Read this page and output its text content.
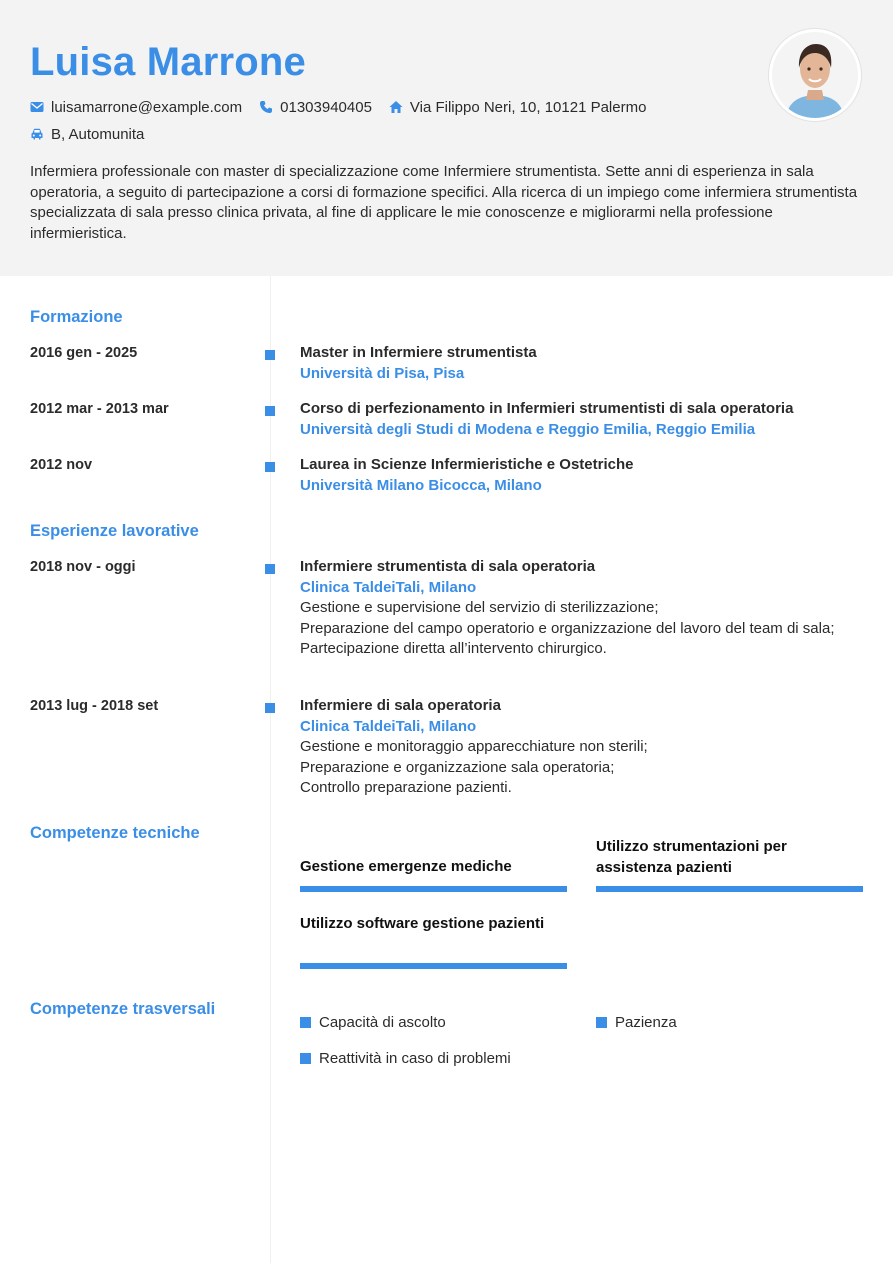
Luisa Marrone
luisamarrone@example.com	01303940405	Via Filippo Neri, 10, 10121 Palermo
B, Automunita
Infermiera professionale con master di specializzazione come Infermiere strumentista. Sette anni di esperienza in sala operatoria, a seguito di partecipazione a corsi di formazione specifici. Alla ricerca di un impiego come infermiera strumentista specializzata di sala presso clinica privata, al fine di applicare le mie conoscenze e migliorarmi nella professione infermieristica.
Formazione
2016 gen - 2025	Master in Infermiere strumentista
Università di Pisa, Pisa
2012 mar - 2013 mar	Corso di perfezionamento in Infermieri strumentisti di sala operatoria
Università degli Studi di Modena e Reggio Emilia, Reggio Emilia
2012 nov	Laurea in Scienze Infermieristiche e Ostetriche
Università Milano Bicocca, Milano
Esperienze lavorative
2018 nov - oggi	Infermiere strumentista di sala operatoria
Clinica TaldeiTali, Milano
Gestione e supervisione del servizio di sterilizzazione;
Preparazione del campo operatorio e organizzazione del lavoro del team di sala;
Partecipazione diretta all’intervento chirurgico.
2013 lug - 2018 set	Infermiere di sala operatoria
Clinica TaldeiTali, Milano
Gestione e monitoraggio apparecchiature non sterili;
Preparazione e organizzazione sala operatoria;
Controllo preparazione pazienti.
Competenze tecniche
Gestione emergenze mediche
Utilizzo strumentazioni per assistenza pazienti
Utilizzo software gestione pazienti
Competenze trasversali
Capacità di ascolto	Pazienza
Reattività in caso di problemi
